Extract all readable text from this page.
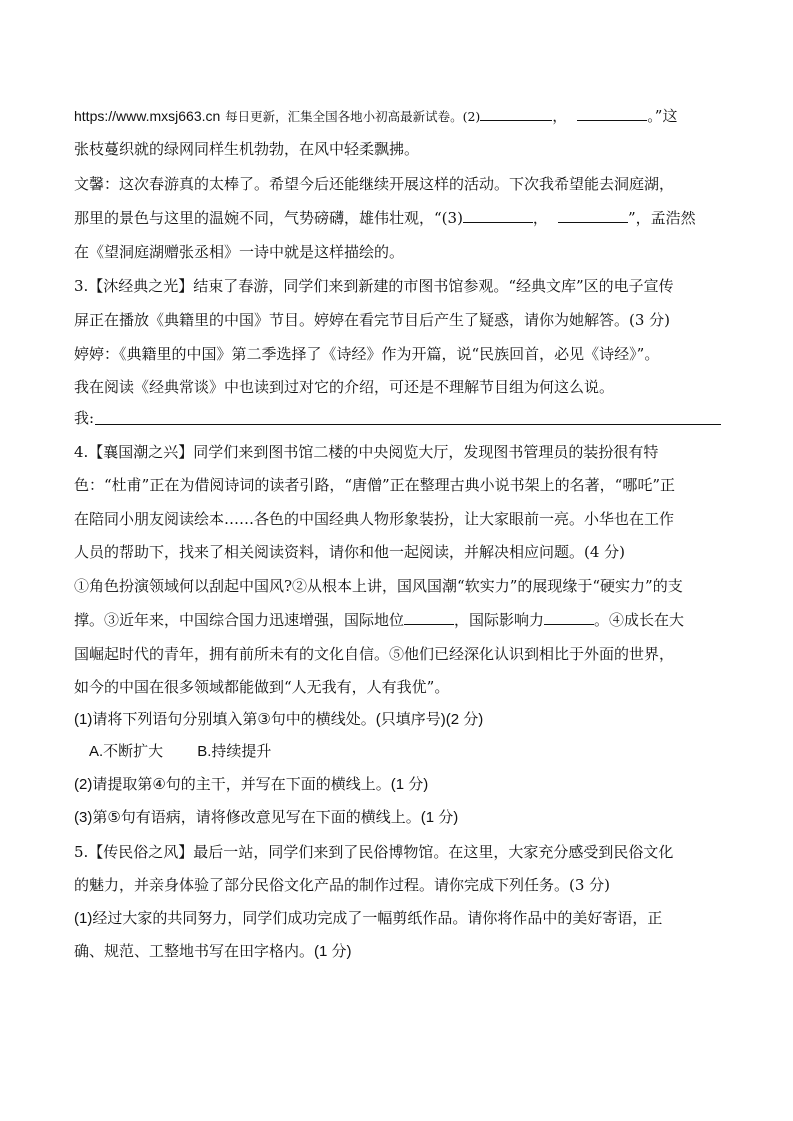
https://www.mxsj663.cn 每日更新，汇集全国各地小初高最新试卷。(2)	，	。”这
张枝蔓织就的绿网同样生机勃勃，在风中轻柔飘拂。
文馨：这次春游真的太棒了。希望今后还能继续开展这样的活动。下次我希望能去洞庭湖，
那里的景色与这里的温婉不同，气势磅礴，雄伟壮观，“(3)	，	”，孟浩然
在《望洞庭湖赠张丞相》一诗中就是这样描绘的。
3.【沐经典之光】结束了春游，同学们来到新建的市图书馆参观。“经典文库”区的电子宣传
屏正在播放《典籍里的中国》节目。婷婷在看完节目后产生了疑惑，请你为她解答。(3 分)
婷婷：《典籍里的中国》第二季选择了《诗经》作为开篇，说“民族回首，必见《诗经》”。
我在阅读《经典常谈》中也读到过对它的介绍，可还是不理解节目组为何这么说。
我:
4.【襄国潮之兴】同学们来到图书馆二楼的中央阅览大厅，发现图书管理员的装扮很有特
色：“杜甫”正在为借阅诗词的读者引路，“唐僧”正在整理古典小说书架上的名著，“哪吒”正
在陪同小朋友阅读绘本……各色的中国经典人物形象装扮，让大家眼前一亮。小华也在工作
人员的帮助下，找来了相关阅读资料，请你和他一起阅读，并解决相应问题。(4 分)
①角色扮演领域何以刮起中国风?②从根本上讲，国风国潮“软实力”的展现缘于“硬实力”的支
撑。③近年来，中国综合国力迅速增强，国际地位	，国际影响力	。④成长在大
国崛起时代的青年，拥有前所未有的文化自信。⑤他们已经深化认识到相比于外面的世界，
如今的中国在很多领域都能做到“人无我有，人有我优”。
(1)请将下列语句分别填入第③句中的横线处。(只填序号)(2 分)
A.不断扩大 B.持续提升
(2)请提取第④句的主干，并写在下面的横线上。(1 分)
(3)第⑤句有语病，请将修改意见写在下面的横线上。(1 分)
5.【传民俗之风】最后一站，同学们来到了民俗博物馆。在这里，大家充分感受到民俗文化
的魅力，并亲身体验了部分民俗文化产品的制作过程。请你完成下列任务。(3 分)
(1)经过大家的共同努力，同学们成功完成了一幅剪纸作品。请你将作品中的美好寄语，正
确、规范、工整地书写在田字格内。(1 分)
